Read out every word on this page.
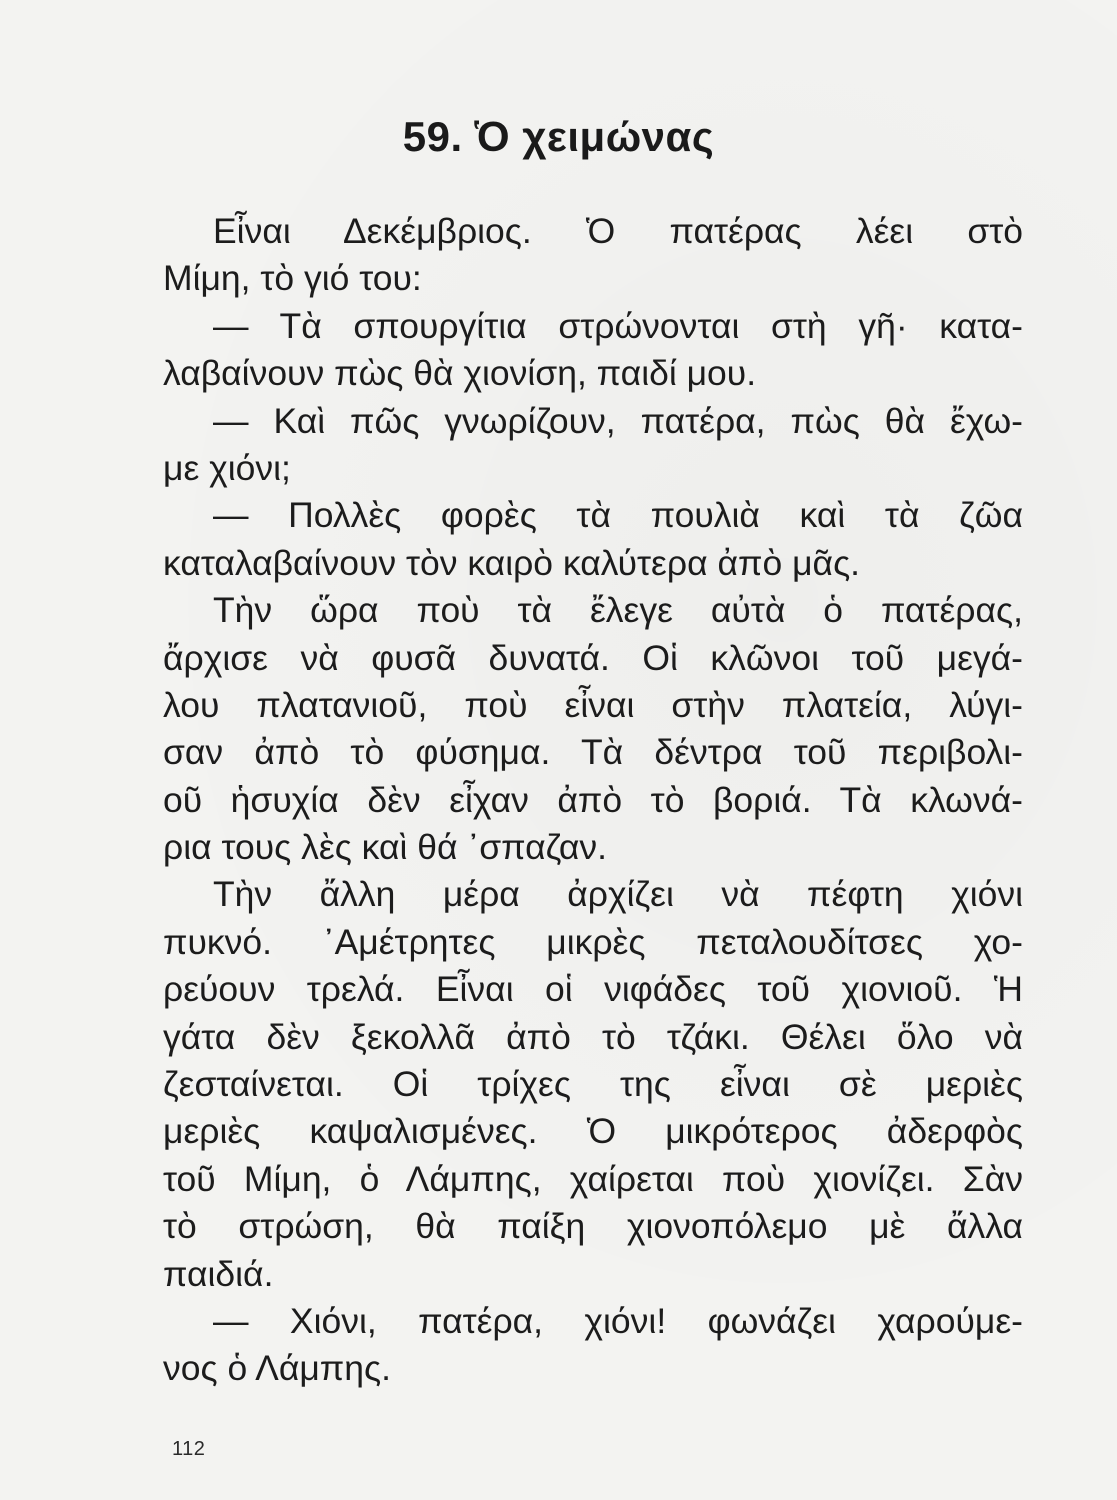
59. Ὁ χειμώνας
Εἶναι Δεκέμβριος. Ὁ πατέρας λέει στὸ
Μίμη, τὸ γιό του:
— Τὰ σπουργίτια στρώνονται στὴ γῆ· κατα-
λαβαίνουν πὼς θὰ χιονίση, παιδί μου.
— Καὶ πῶς γνωρίζουν, πατέρα, πὼς θὰ ἔχω-
με χιόνι;
— Πολλὲς φορὲς τὰ πουλιὰ καὶ τὰ ζῶα
καταλαβαίνουν τὸν καιρὸ καλύτερα ἀπὸ μᾶς.
Τὴν ὥρα ποὺ τὰ ἔλεγε αὐτὰ ὁ πατέρας,
ἄρχισε νὰ φυσᾶ δυνατά. Οἱ κλῶνοι τοῦ μεγά-
λου πλατανιοῦ, ποὺ εἶναι στὴν πλατεία, λύγι-
σαν ἀπὸ τὸ φύσημα. Τὰ δέντρα τοῦ περιβολι-
οῦ ἡσυχία δὲν εἶχαν ἀπὸ τὸ βοριά. Τὰ κλωνά-
ρια τους λὲς καὶ θά ᾿σπαζαν.
Τὴν ἄλλη μέρα ἀρχίζει νὰ πέφτη χιόνι
πυκνό. ᾿Αμέτρητες μικρὲς πεταλουδίτσες χο-
ρεύουν τρελά. Εἶναι οἱ νιφάδες τοῦ χιονιοῦ. Ἡ
γάτα δὲν ξεκολλᾶ ἀπὸ τὸ τζάκι. Θέλει ὅλο νὰ
ζεσταίνεται. Οἱ τρίχες της εἶναι σὲ μεριὲς
μεριὲς καψαλισμένες. Ὁ μικρότερος ἀδερφὸς
τοῦ Μίμη, ὁ Λάμπης, χαίρεται ποὺ χιονίζει. Σὰν
τὸ στρώση, θὰ παίξη χιονοπόλεμο μὲ ἄλλα
παιδιά.
— Χιόνι, πατέρα, χιόνι! φωνάζει χαρούμε-
νος ὁ Λάμπης.
112
